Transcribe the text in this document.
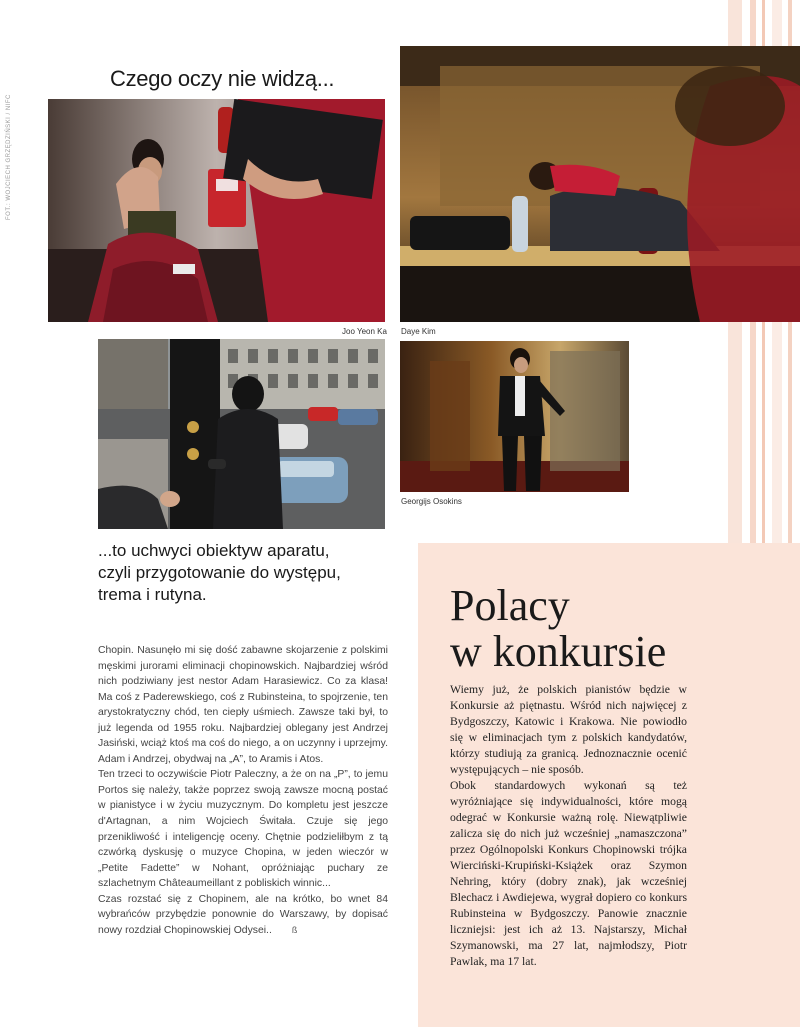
FOT.: WOJCIECH GRZĘDZIŃSKI / NIFC
Czego oczy nie widzą...
Joo Yeon Ka Daye Kim
Georgijs Osokins
...to uchwyci obiektyw aparatu,
czyli przygotowanie do występu,
trema i rutyna.

Chopin. Nasunęło mi się dość zabawne skojarzenie z polskimi męskimi jurorami eliminacji chopinowskich. Najbardziej wśród nich podziwiany jest nestor Adam Harasiewicz. Co za klasa! Ma coś z Paderewskiego, coś z Rubinsteina, to spojrzenie, ten arystokratyczny chód, ten ciepły uśmiech. Zawsze taki był, to już legenda od 1955 roku. Najbardziej oblegany jest Andrzej Jasiński, wciąż ktoś ma coś do niego, a on uczynny i uprzejmy. Adam i Andrzej, obydwaj na „A”, to Aramis i Atos.

Ten trzeci to oczywiście Piotr Paleczny, a że on na „P”, to jemu Portos się należy, także poprzez swoją zawsze mocną postać w pianistyce i w życiu muzycznym. Do kompletu jest jeszcze d'Artagnan, a nim Wojciech Świtała. Czuje się jego przenikliwość i inteligencję oceny. Chętnie podzieliłbym z tą czwórką dyskusję o muzyce Chopina, w jeden wieczór w „Petite Fadette” w Nohant, opróżniając puchary ze szlachetnym Châteaumeillant z pobliskich winnic...

Czas rozstać się z Chopinem, ale na krótko, bo wnet 84 wybrańców przybędzie ponownie do Warszawy, by dopisać nowy rozdział Chopinowskiej Odysei.. ß

Polacy
w konkursie

Wiemy już, że polskich pianistów będzie w Konkursie aż piętnastu. Wśród nich najwięcej z Bydgoszczy, Katowic i Krakowa. Nie powiodło się w eliminacjach tym z polskich kandydatów, którzy studiują za granicą. Jednoznacznie ocenić występujących – nie sposób.

Obok standardowych wykonań są też wyróżniające się indywidualności, które mogą odegrać w Konkursie ważną rolę. Niewątpliwie zalicza się do nich już wcześniej „namaszczona” przez Ogólnopolski Konkurs Chopinowski trójka Wierciński-Krupiński-Książek oraz Szymon Nehring, który (dobry znak), jak wcześniej Blechacz i Awdiejewa, wygrał dopiero co konkurs Rubinsteina w Bydgoszczy. Panowie znacznie liczniejsi: jest ich aż 13. Najstarszy, Michał Szymanowski, ma 27 lat, najmłodszy, Piotr Pawlak, ma 17 lat.
